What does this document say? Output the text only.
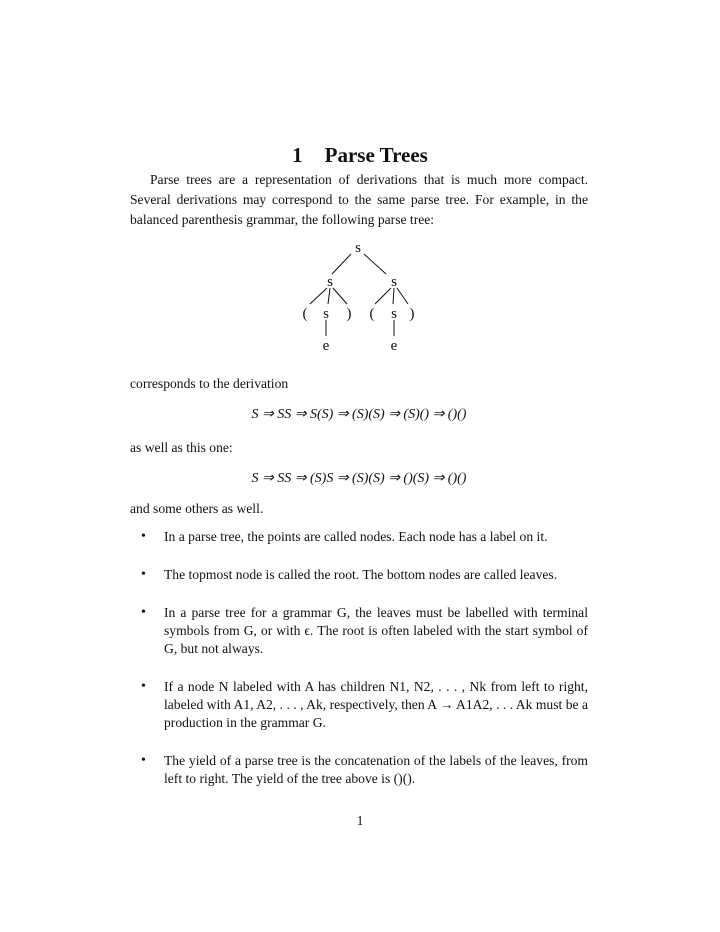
1 Parse Trees

Parse trees are a representation of derivations that is much more compact. Several derivations may correspond to the same parse tree. For example, in the balanced parenthesis grammar, the following parse tree:

s
s	s
( s ) ( s )
e	e

corresponds to the derivation

S ⇒ SS ⇒ S(S) ⇒ (S)(S) ⇒ (S)() ⇒ ()()

as well as this one:

S ⇒ SS ⇒ (S)S ⇒ (S)(S) ⇒ ()(S) ⇒ ()()

and some others as well.

• In a parse tree, the points are called nodes. Each node has a label on it.
• The topmost node is called the root. The bottom nodes are called leaves.
• In a parse tree for a grammar G, the leaves must be labelled with terminal symbols from G, or with ϵ. The root is often labeled with the start symbol of G, but not always.
• If a node N labeled with A has children N1, N2, . . . , Nk from left to right, labeled with A1, A2, . . . , Ak, respectively, then A → A1A2, . . . Ak must be a production in the grammar G.
• The yield of a parse tree is the concatenation of the labels of the leaves, from left to right. The yield of the tree above is ()().
1
